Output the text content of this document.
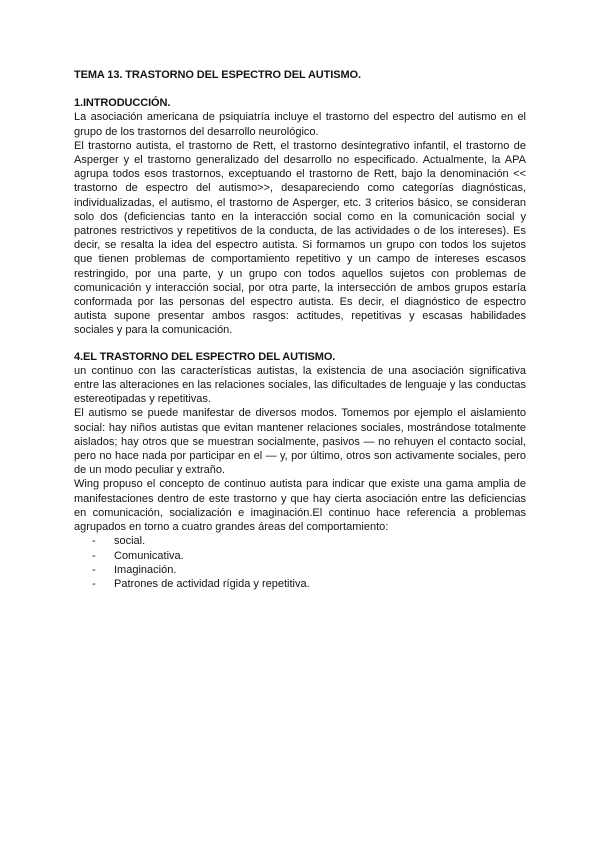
TEMA 13. TRASTORNO DEL ESPECTRO DEL AUTISMO.

1.INTRODUCCIÓN.

La asociación americana de psiquiatría incluye el trastorno del espectro del autismo en el grupo de los trastornos del desarrollo neurológico.

El trastorno autista, el trastorno de Rett, el trastorno desintegrativo infantil, el trastorno de Asperger y el trastorno generalizado del desarrollo no especificado. Actualmente, la APA agrupa todos esos trastornos, exceptuando el trastorno de Rett, bajo la denominación << trastorno de espectro del autismo>>, desapareciendo como categorías diagnósticas, individualizadas, el autismo, el trastorno de Asperger, etc. 3 criterios básico, se consideran solo dos (deficiencias tanto en la interacción social como en la comunicación social y patrones restrictivos y repetitivos de la conducta, de las actividades o de los intereses). Es decir, se resalta la idea del espectro autista. Si formamos un grupo con todos los sujetos que tienen problemas de comportamiento repetitivo y un campo de intereses escasos restringido, por una parte, y un grupo con todos aquellos sujetos con problemas de comunicación y interacción social, por otra parte, la intersección de ambos grupos estaría conformada por las personas del espectro autista. Es decir, el diagnóstico de espectro autista supone presentar ambos rasgos: actitudes, repetitivas y escasas habilidades sociales y para la comunicación.

4.EL TRASTORNO DEL ESPECTRO DEL AUTISMO.

un continuo con las características autistas, la existencia de una asociación significativa entre las alteraciones en las relaciones sociales, las dificultades de lenguaje y las conductas estereotipadas y repetitivas.

El autismo se puede manifestar de diversos modos. Tomemos por ejemplo el aislamiento social: hay niños autistas que evitan mantener relaciones sociales, mostrándose totalmente aislados; hay otros que se muestran socialmente, pasivos — no rehuyen el contacto social, pero no hace nada por participar en el — y, por último, otros son activamente sociales, pero de un modo peculiar y extraño.

Wing propuso el concepto de continuo autista para indicar que existe una gama amplia de manifestaciones dentro de este trastorno y que hay cierta asociación entre las deficiencias en comunicación, socialización e imaginación.El continuo hace referencia a problemas agrupados en torno a cuatro grandes áreas del comportamiento:

-	social.
-	Comunicativa.
-	Imaginación.
-	Patrones de actividad rígida y repetitiva.
